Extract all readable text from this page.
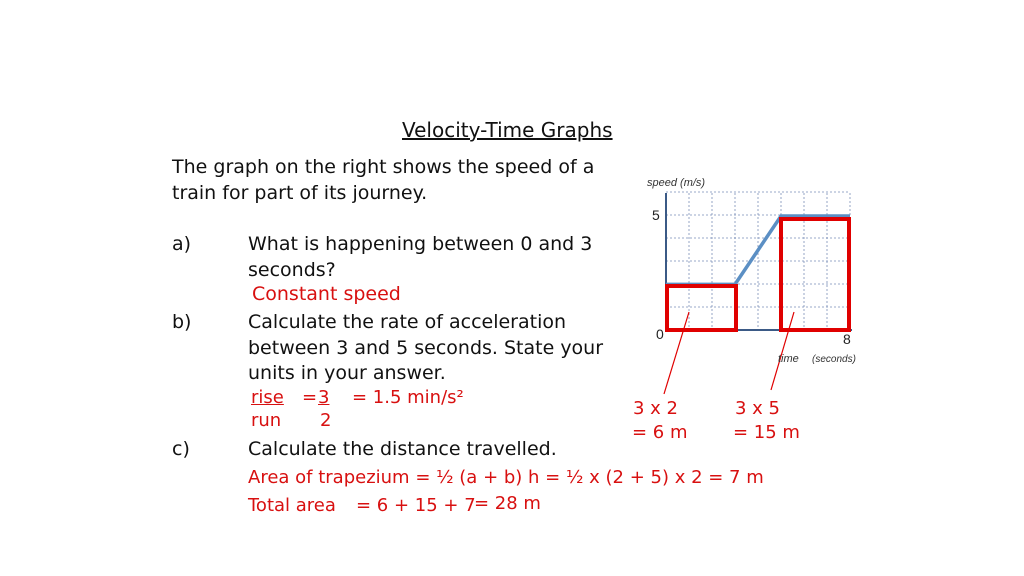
Velocity-Time Graphs
The graph on the right shows the speed of a
train for part of its journey.
a)	What is happening between 0 and 3
seconds?
Constant speed
b)	Calculate the rate of acceleration
between 3 and 5 seconds. State your
units in your answer.
rise = 3 = 1.5 min/s²
run 2
c)	Calculate the distance travelled.
Area of trapezium = ½ (a + b) h = ½ x (2 + 5) x 2 = 7 m
Total area = 6 + 15 + 7
= 28 m
speed (m/s)
5
0	8
time (seconds)
3 x 2
= 6 m
3 x 5
= 15 m
